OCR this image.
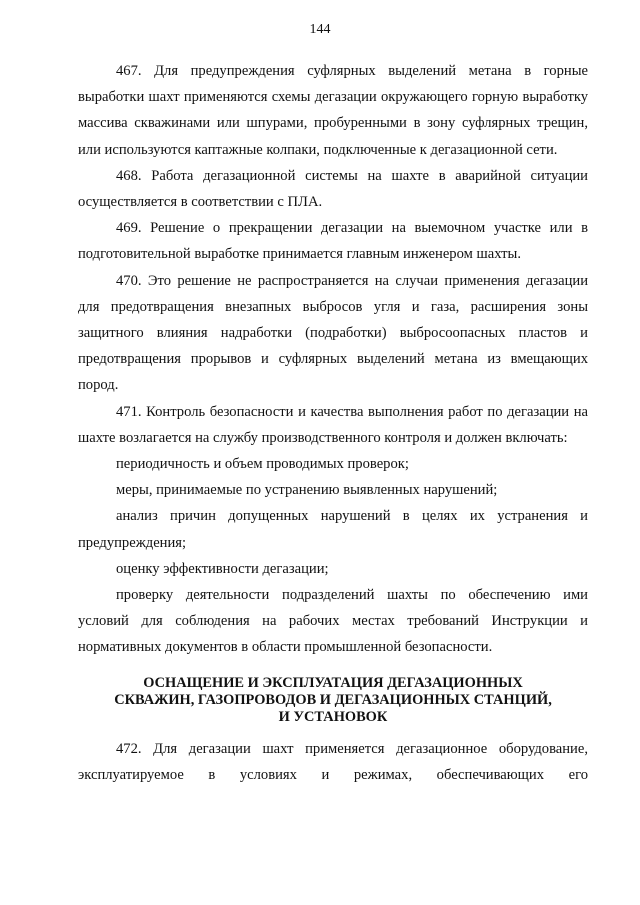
144

467. Для предупреждения суфлярных выделений метана в горные выработки шахт применяются схемы дегазации окружающего горную выработку массива скважинами или шпурами, пробуренными в зону суфлярных трещин, или используются каптажные колпаки, подключенные к дегазационной сети.

468. Работа дегазационной системы на шахте в аварийной ситуации осуществляется в соответствии с ПЛА.

469. Решение о прекращении дегазации на выемочном участке или в подготовительной выработке принимается главным инженером шахты.

470. Это решение не распространяется на случаи применения дегазации для предотвращения внезапных выбросов угля и газа, расширения зоны защитного влияния надработки (подработки) выбросоопасных пластов и предотвращения прорывов и суфлярных выделений метана из вмещающих пород.

471. Контроль безопасности и качества выполнения работ по дегазации на шахте возлагается на службу производственного контроля и должен включать:

периодичность и объем проводимых проверок;

меры, принимаемые по устранению выявленных нарушений;

анализ причин допущенных нарушений в целях их устранения и предупреждения;

оценку эффективности дегазации;

проверку деятельности подразделений шахты по обеспечению ими условий для соблюдения на рабочих местах требований Инструкции и нормативных документов в области промышленной безопасности.

ОСНАЩЕНИЕ И ЭКСПЛУАТАЦИЯ ДЕГАЗАЦИОННЫХ СКВАЖИН, ГАЗОПРОВОДОВ И ДЕГАЗАЦИОННЫХ СТАНЦИЙ, И УСТАНОВОК

472. Для дегазации шахт применяется дегазационное оборудование, эксплуатируемое в условиях и режимах, обеспечивающих его
